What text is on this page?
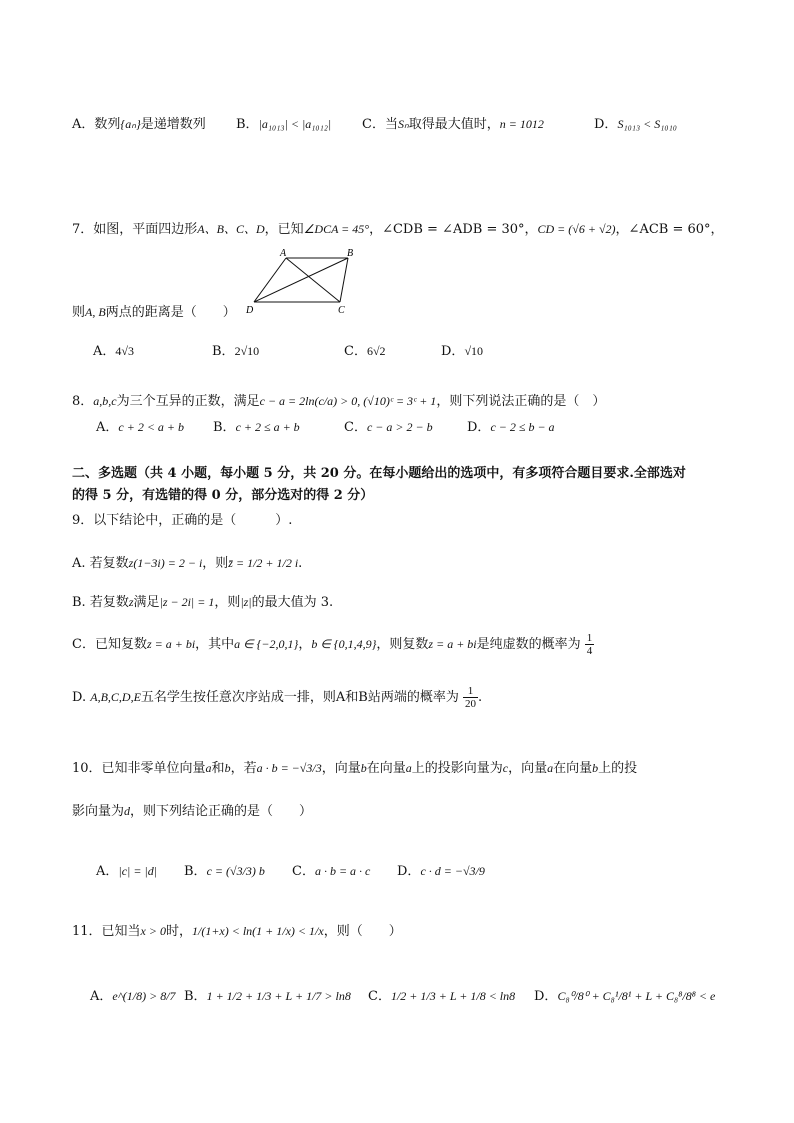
A．数列{aₙ}是递增数列 B．|a₁₀₁₃| < |a₁₀₁₂| C．当Sₙ取得最大值时，n = 1012	D．S₁₀₁₃ < S₁₀₁₀
7．如图，平面四边形A、B、C、D，已知∠DCA = 45°，∠CDB = ∠ADB = 30°，CD = (√6 + √2)，∠ACB = 60°，
A	B
C
D
则A, B两点的距离是（　　）
A．4√3	B．2√10	C．6√2	D．√10
8．a,b,c为三个互异的正数，满足c − a = 2ln(c/a) > 0, (√10)ᶜ = 3ᶜ + 1，则下列说法正确的是（　）
A．c + 2 < a + b B．c + 2 ≤ a + b	C．c − a > 2 − b	D．c − 2 ≤ b − a
二、多选题（共 4 小题，每小题 5 分，共 20 分。在每小题给出的选项中，有多项符合题目要求.全部选对
的得 5 分，有选错的得 0 分，部分选对的得 2 分）
9．以下结论中，正确的是（　　　）.
A. 若复数z(1−3i) = 2 − i，则z̄ = 1/2 + 1/2 i.
B. 若复数z满足|z − 2i| = 1，则|z|的最大值为 3.
C．已知复数z = a + bi，其中a ∈ {−2,0,1}，b ∈ {0,1,4,9}，则复数z = a + bi是纯虚数的概率为 $\frac{1}{4}$
D. A,B,C,D,E五名学生按任意次序站成一排，则A和B站两端的概率为 $\frac{1}{20}$ .
10．已知非零单位向量a和b，若a · b = −√3/3，向量b在向量a上的投影向量为c，向量a在向量b上的投
影向量为d，则下列结论正确的是（　　）
A．|c| = |d| B．c = (√3/3) b C．a · b = a · c D．c · d = −√3/9
11．已知当x > 0时，1/(1+x) < ln(1 + 1/x) < 1/x，则（　　）
A．e^(1/8) > 8/7 B．1 + 1/2 + 1/3 + L + 1/7 > ln8 C．1/2 + 1/3 + L + 1/8 < ln8 D．C₈⁰/8⁰ + C₈¹/8¹ + L + C₈⁸/8⁸ < e
